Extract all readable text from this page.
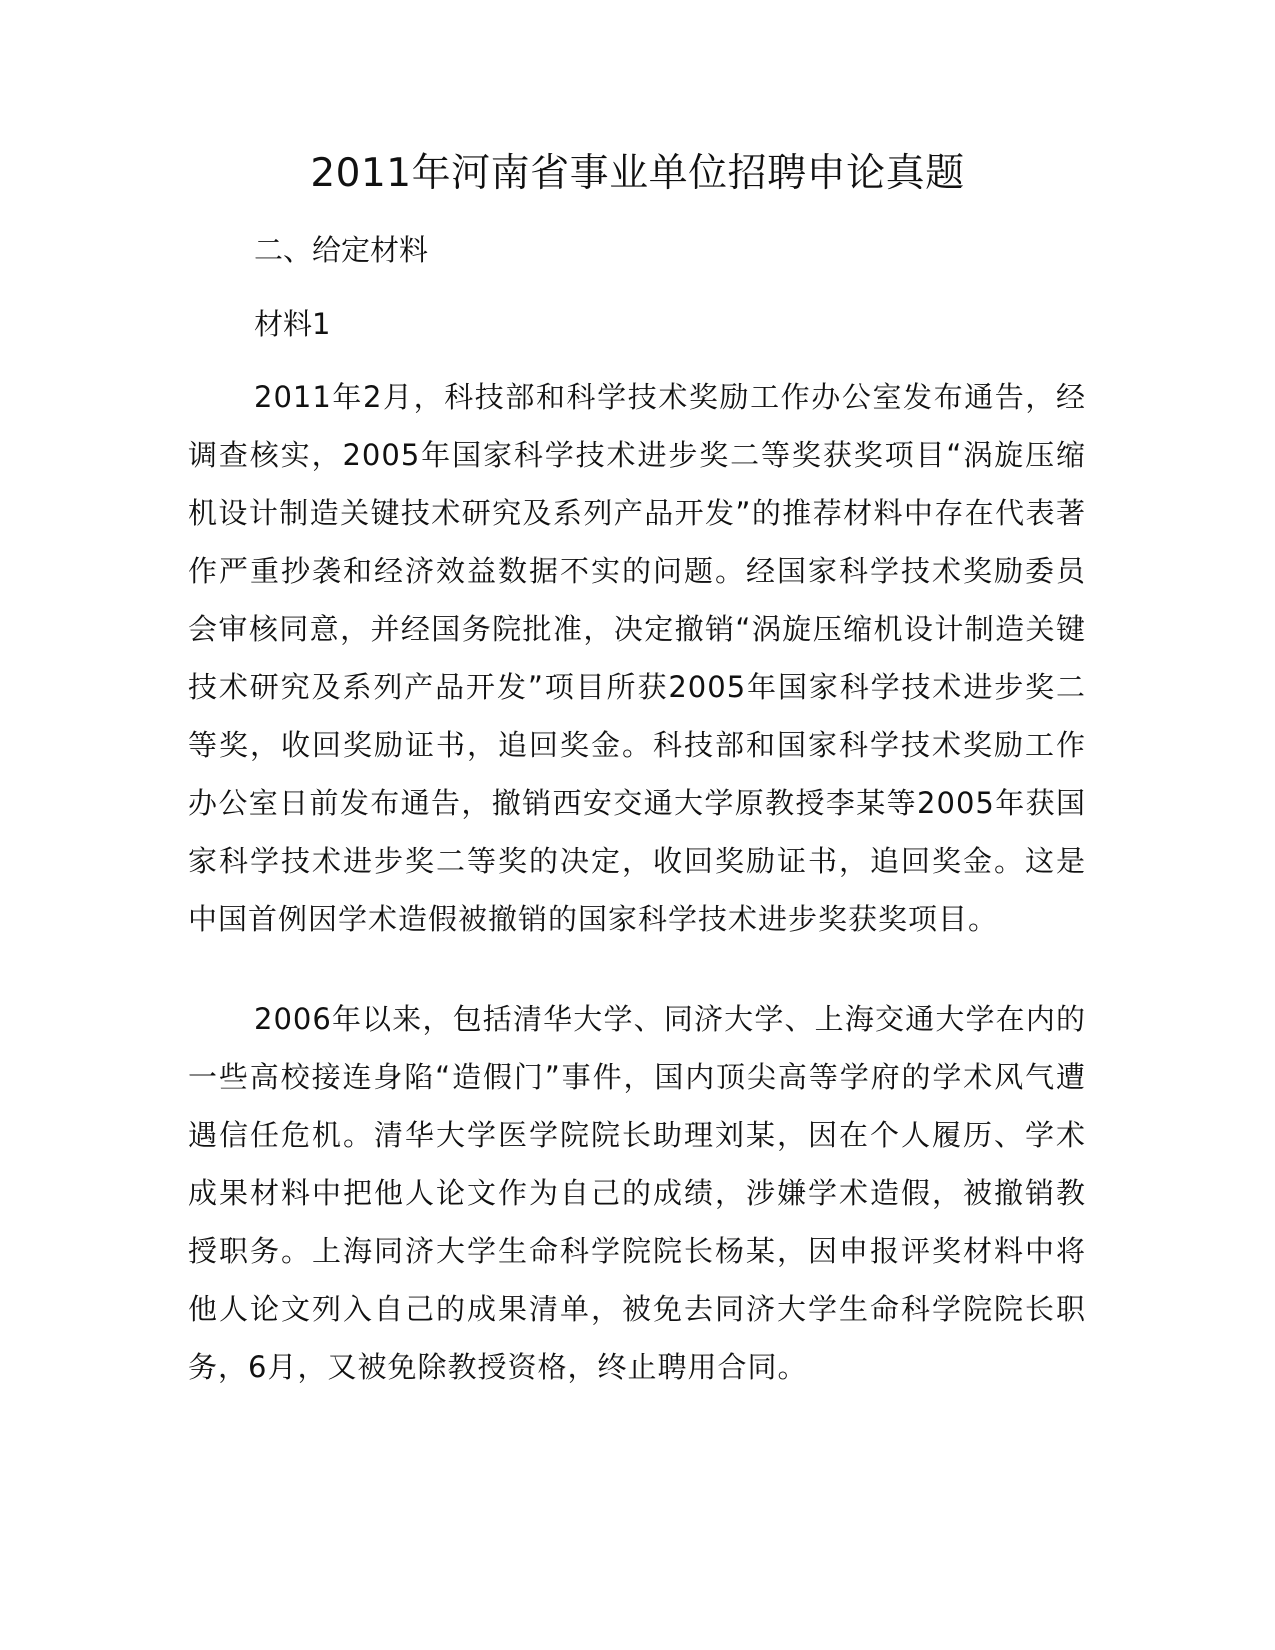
2011年河南省事业单位招聘申论真题

二、给定材料

材料1

2011年2月，科技部和科学技术奖励工作办公室发布通告，经调查核实，2005年国家科学技术进步奖二等奖获奖项目“涡旋压缩机设计制造关键技术研究及系列产品开发”的推荐材料中存在代表著作严重抄袭和经济效益数据不实的问题。经国家科学技术奖励委员会审核同意，并经国务院批准，决定撤销“涡旋压缩机设计制造关键技术研究及系列产品开发”项目所获2005年国家科学技术进步奖二等奖，收回奖励证书，追回奖金。科技部和国家科学技术奖励工作办公室日前发布通告，撤销西安交通大学原教授李某等2005年获国家科学技术进步奖二等奖的决定，收回奖励证书，追回奖金。这是中国首例因学术造假被撤销的国家科学技术进步奖获奖项目。

2006年以来，包括清华大学、同济大学、上海交通大学在内的一些高校接连身陷“造假门”事件，国内顶尖高等学府的学术风气遭遇信任危机。清华大学医学院院长助理刘某，因在个人履历、学术成果材料中把他人论文作为自己的成绩，涉嫌学术造假，被撤销教授职务。上海同济大学生命科学院院长杨某，因申报评奖材料中将他人论文列入自己的成果清单，被免去同济大学生命科学院院长职务，6月，又被免除教授资格，终止聘用合同。
